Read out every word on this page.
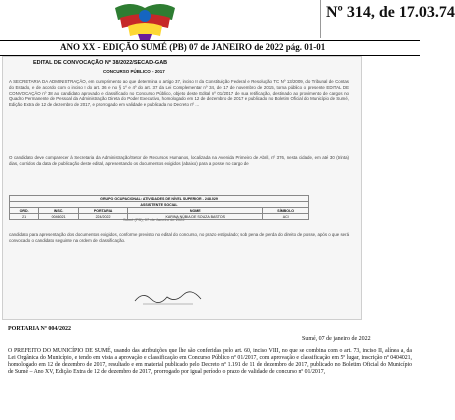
Nº 314, de 17.03.74
ANO XX - EDIÇÃO SUMÉ (PB) 07 de JANEIRO de 2022 pág. 01-01
EDITAL DE CONVOCAÇÃO Nº 38/2022/SECAD-GAB
CONCURSO PÚBLICO - 2017
A SECRETARIA DA ADMINISTRAÇÃO, em cumprimento ao que determina o artigo 37, inciso II da Constituição Federal e Resolução TC Nº 13/2009, do Tribunal de Contas do Estado, e de acordo com o inciso I do art. 36 e no § 1º e 4º do art. 37 da Lei Complementar nº 34, de 17 de novembro de 2015, torna público o presente EDITAL DE CONVOCAÇÃO nº 38 ao candidato aprovado e classificado no Concurso Público, objeto deste Edital nº 01/2017 de sua retificação, destinado ao provimento de cargos no Quadro Permanente de Pessoal da Administração Direta do Poder Executivo, homologado em 12 de dezembro de 2017 e publicado no Boletim Oficial do Município de Sumé, Edição Extra de 12 de dezembro de 2017, e prorrogado em validade e publicada no Decreto nº ...
O candidato deve comparecer à Secretaria da Administração/Setor de Recursos Humanos, localizada na Avenida Primeiro de Abril, nº 376, nesta cidade, em até 30 (trinta) dias, corridos da data de publicação deste edital, apresentando os documentos exigidos (abaixo) para a posse no cargo de
GRUPO OCUPACIONAL: ATIVIDADES DE NÍVEL SUPERIOR - 248.029				
ASSISTENTE SOCIAL				
ORD.	INSC.	PORTARIA	NOME	SÍMBOLO
21	0046021	224/2022	KARINA NÚBIA DE SOUZA BASTOS	ACI
Sumé (PB), 07 de Janeiro de 2022
candidato para apresentação dos documentos exigidos, conforme previsto no edital do concurso, no prazo estipulado; sob pena de perda do direito de posse, após o que será convocado o candidato seguinte na ordem de classificação.
PORTARIA Nº 004/2022
Sumé, 07 de janeiro de 2022
O PREFEITO DO MUNICÍPIO DE SUMÉ, usando das atribuições que lhe são conferidas pelo art. 60, inciso VIII, no que se combina com o art. 73, inciso II, alínea a, da Lei Orgânica do Município, e tendo em vista a aprovação e classificação em Concurso Público nº 01/2017, com aprovação e classificação em 5º lugar, inscrição nº 0404021, homologado em 12 de dezembro de 2017, resultado e em material publicado pelo Decreto nº 1.191 de 11 de dezembro de 2017, publicado no Boletim Oficial do Município de Sumé – Ano XV, Edição Extra de 12 de dezembro de 2017, prorrogado por igual período o prazo de validade de concurso nº 01/2017,
